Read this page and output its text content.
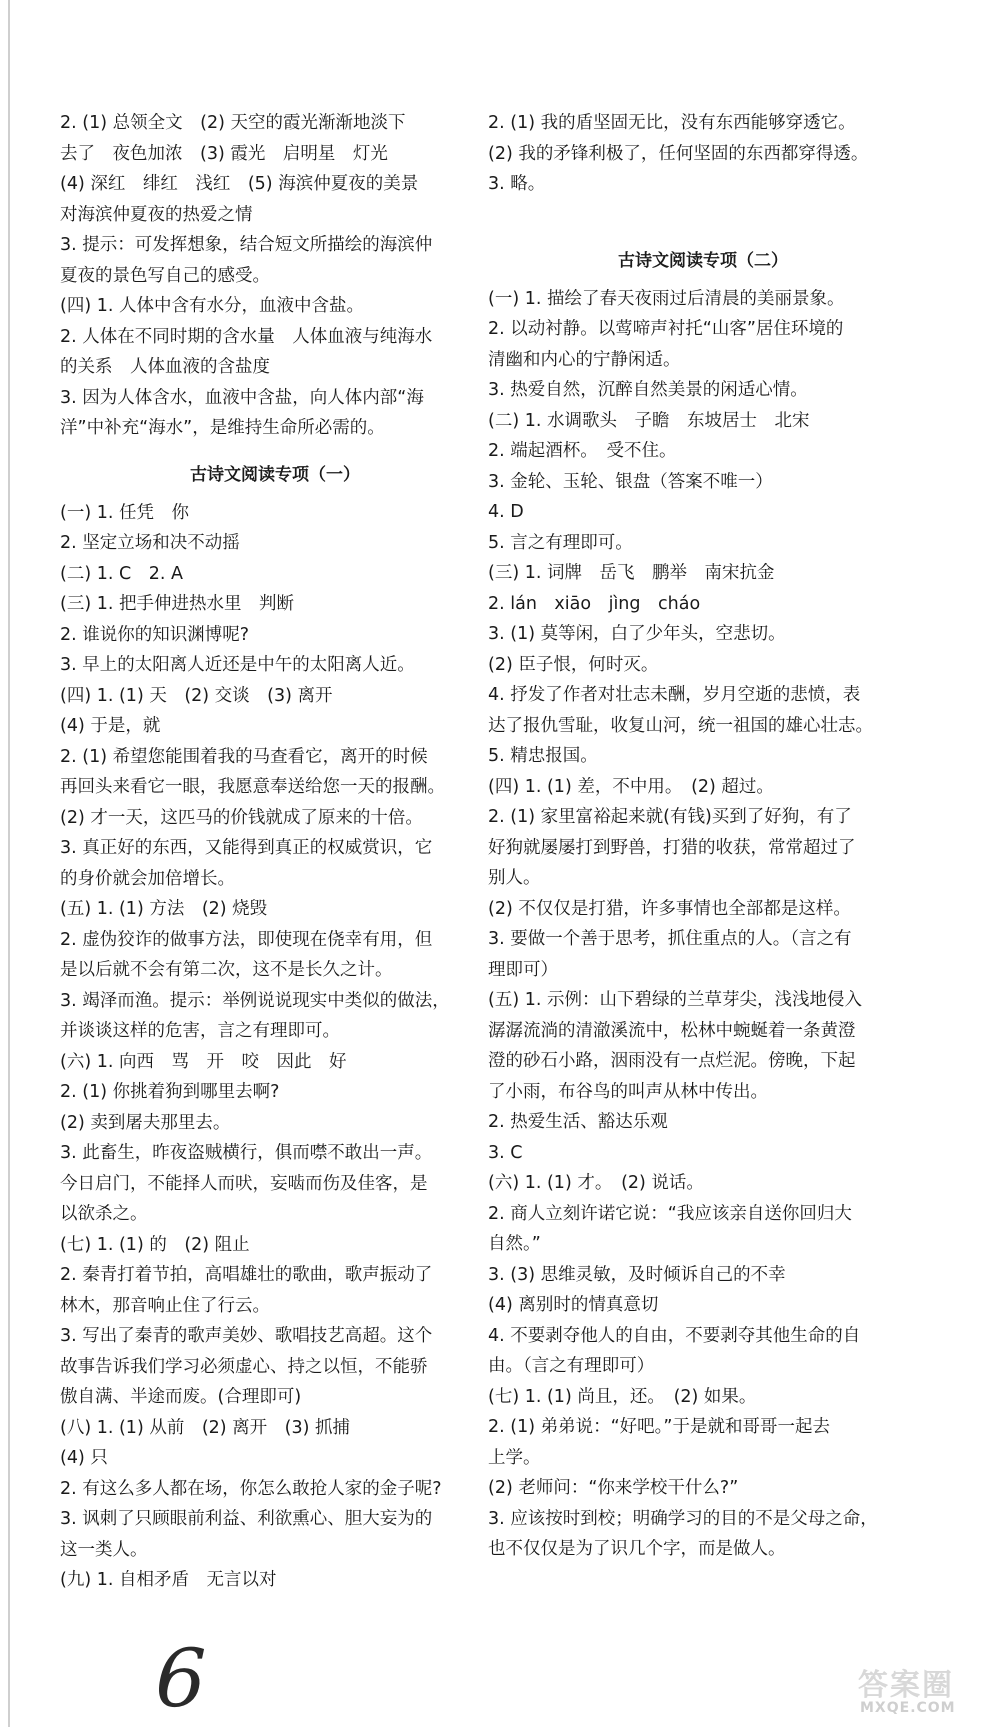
2. (1) 总领全文　(2) 天空的霞光渐渐地淡下
去了　夜色加浓　(3) 霞光　启明星　灯光
(4) 深红　绯红　浅红　(5) 海滨仲夏夜的美景
对海滨仲夏夜的热爱之情
3. 提示：可发挥想象，结合短文所描绘的海滨仲
夏夜的景色写自己的感受。
(四) 1. 人体中含有水分，血液中含盐。
2. 人体在不同时期的含水量　人体血液与纯海水
的关系　人体血液的含盐度
3. 因为人体含水，血液中含盐，向人体内部“海
洋”中补充“海水”，是维持生命所必需的。
古诗文阅读专项（一）
(一) 1. 任凭　你
2. 坚定立场和决不动摇
(二) 1. C　2. A
(三) 1. 把手伸进热水里　判断
2. 谁说你的知识渊博呢?
3. 早上的太阳离人近还是中午的太阳离人近。
(四) 1. (1) 天　(2) 交谈　(3) 离开
(4) 于是，就
2. (1) 希望您能围着我的马查看它，离开的时候
再回头来看它一眼，我愿意奉送给您一天的报酬。
(2) 才一天，这匹马的价钱就成了原来的十倍。
3. 真正好的东西，又能得到真正的权威赏识，它
的身价就会加倍增长。
(五) 1. (1) 方法　(2) 烧毁
2. 虚伪狡诈的做事方法，即使现在侥幸有用，但
是以后就不会有第二次，这不是长久之计。
3. 竭泽而渔。提示：举例说说现实中类似的做法，
并谈谈这样的危害，言之有理即可。
(六) 1. 向西　骂　开　咬　因此　好
2. (1) 你挑着狗到哪里去啊?
(2) 卖到屠夫那里去。
3. 此畜生，昨夜盗贼横行，俱而噤不敢出一声。
今日启门，不能择人而吠，妄啮而伤及佳客，是
以欲杀之。
(七) 1. (1) 的　(2) 阻止
2. 秦青打着节拍，高唱雄壮的歌曲，歌声振动了
林木，那音响止住了行云。
3. 写出了秦青的歌声美妙、歌唱技艺高超。这个
故事告诉我们学习必须虚心、持之以恒，不能骄
傲自满、半途而废。(合理即可)
(八) 1. (1) 从前　(2) 离开　(3) 抓捕
(4) 只
2. 有这么多人都在场，你怎么敢抢人家的金子呢?
3. 讽刺了只顾眼前利益、利欲熏心、胆大妄为的
这一类人。
(九) 1. 自相矛盾　无言以对
2. (1) 我的盾坚固无比，没有东西能够穿透它。
(2) 我的矛锋利极了，任何坚固的东西都穿得透。
3. 略。
古诗文阅读专项（二）
(一) 1. 描绘了春天夜雨过后清晨的美丽景象。
2. 以动衬静。以莺啼声衬托“山客”居住环境的
清幽和内心的宁静闲适。
3. 热爱自然，沉醉自然美景的闲适心情。
(二) 1. 水调歌头　子瞻　东坡居士　北宋
2. 端起酒杯。　受不住。
3. 金轮、玉轮、银盘（答案不唯一）
4. D
5. 言之有理即可。
(三) 1. 词牌　岳飞　鹏举　南宋抗金
2. lán　xiāo　jìng　cháo
3. (1) 莫等闲，白了少年头，空悲切。
(2) 臣子恨，何时灭。
4. 抒发了作者对壮志未酬，岁月空逝的悲愤，表
达了报仇雪耻，收复山河，统一祖国的雄心壮志。
5. 精忠报国。
(四) 1. (1) 差，不中用。　(2) 超过。
2. (1) 家里富裕起来就(有钱)买到了好狗，有了
好狗就屡屡打到野兽，打猎的收获，常常超过了
别人。
(2) 不仅仅是打猎，许多事情也全部都是这样。
3. 要做一个善于思考，抓住重点的人。（言之有
理即可）
(五) 1. 示例：山下碧绿的兰草芽尖，浅浅地侵入
潺潺流淌的清澈溪流中，松林中蜿蜒着一条黄澄
澄的砂石小路，洇雨没有一点烂泥。傍晚，下起
了小雨，布谷鸟的叫声从林中传出。
2. 热爱生活、豁达乐观
3. C
(六) 1. (1) 才。　(2) 说话。
2. 商人立刻许诺它说：“我应该亲自送你回归大
自然。”
3. (3) 思维灵敏，及时倾诉自己的不幸
(4) 离别时的情真意切
4. 不要剥夺他人的自由，不要剥夺其他生命的自
由。（言之有理即可）
(七) 1. (1) 尚且，还。　(2) 如果。
2. (1) 弟弟说：“好吧。”于是就和哥哥一起去
上学。
(2) 老师问：“你来学校干什么?”
3. 应该按时到校；明确学习的目的不是父母之命，
也不仅仅是为了识几个字，而是做人。
6	答案圈
MXQE.COM
